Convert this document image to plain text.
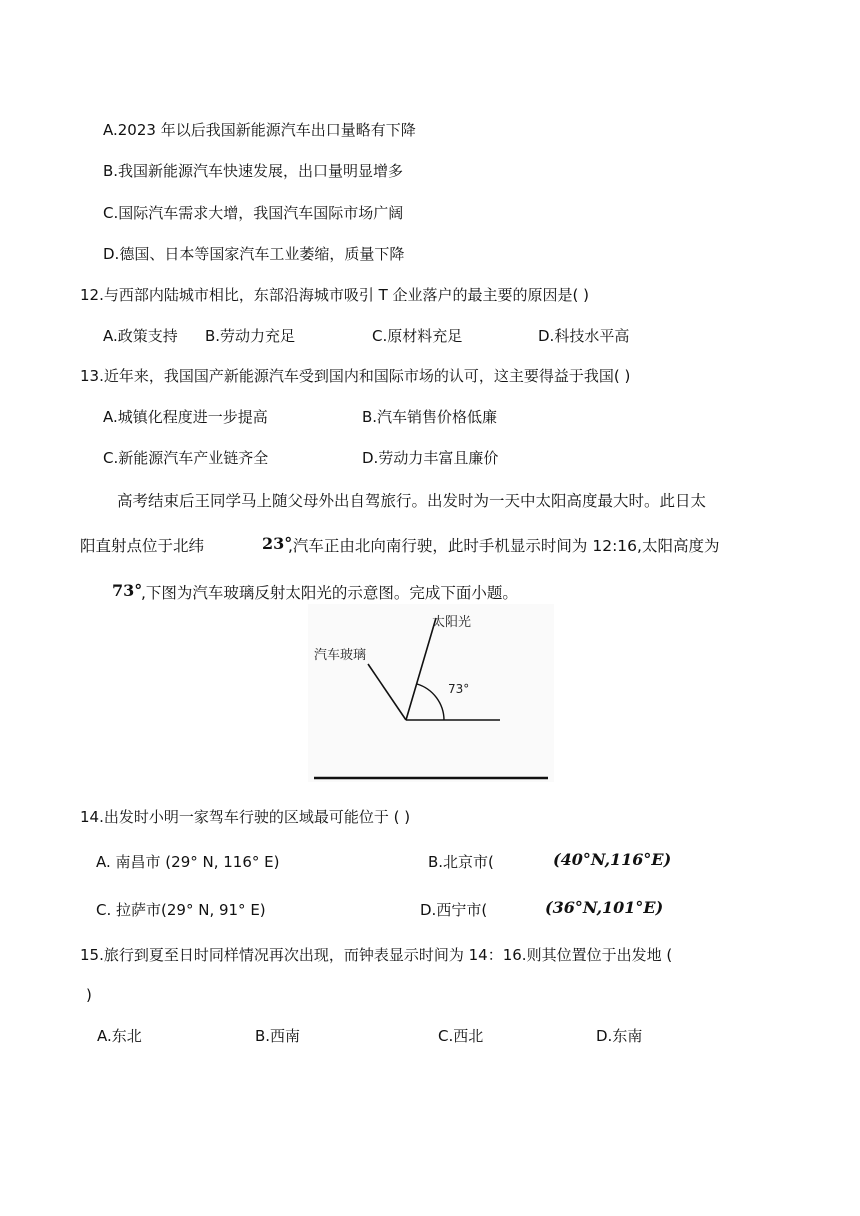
A.2023 年以后我国新能源汽车出口量略有下降
B.我国新能源汽车快速发展，出口量明显增多
C.国际汽车需求大增，我国汽车国际市场广阔
D.德国、日本等国家汽车工业萎缩，质量下降
12.与西部内陆城市相比，东部沿海城市吸引 T 企业落户的最主要的原因是( )
A.政策支持 B.劳动力充足	C.原材料充足	D.科技水平高
13.近年来，我国国产新能源汽车受到国内和国际市场的认可，这主要得益于我国( )
A.城镇化程度进一步提高	B.汽车销售价格低廉
C.新能源汽车产业链齐全	D.劳动力丰富且廉价
高考结束后王同学马上随父母外出自驾旅行。出发时为一天中太阳高度最大时。此日太
阳直射点位于北纬	23°
,汽车正由北向南行驶，此时手机显示时间为 12:16,太阳高度为
73°
,下图为汽车玻璃反射太阳光的示意图。完成下面小题。
太阳光
汽车玻璃
73°
14.出发时小明一家驾车行驶的区域最可能位于 ( )
A. 南昌市 (29° N, 116° E)	B.北京市(	(40°N,116°E)
C. 拉萨市(29° N, 91° E)	D.西宁市(	(36°N,101°E)
15.旅行到夏至日时同样情况再次出现，而钟表显示时间为 14：16.则其位置位于出发地 (
)
A.东北	B.西南	C.西北	D.东南
